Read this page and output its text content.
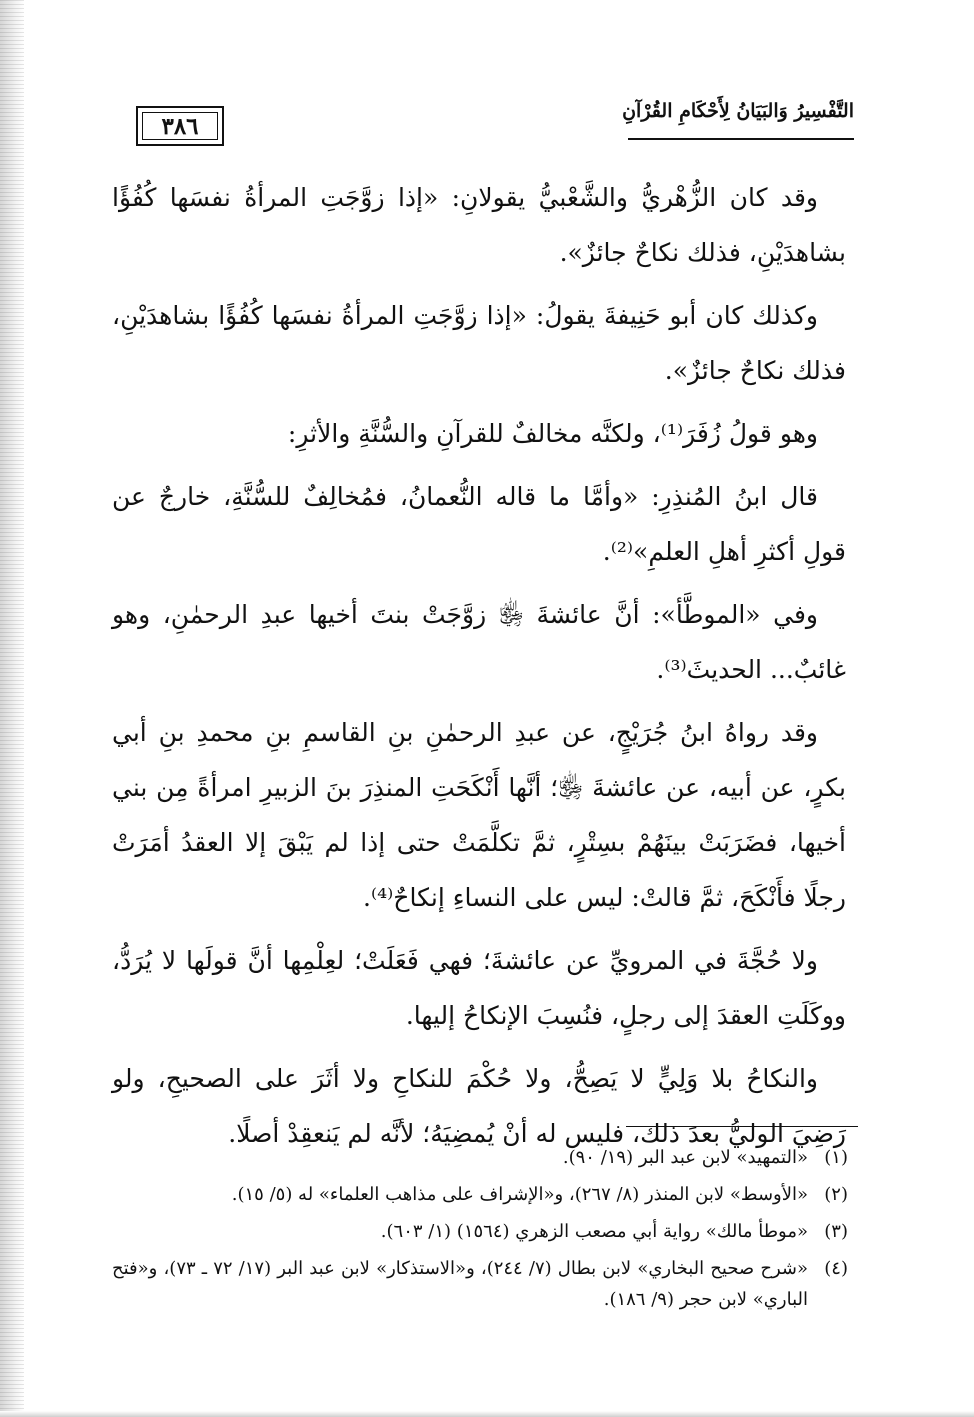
التَّفْسِيرُ وَالبَيَانُ لِأَحْكَامِ القُرْآنِ
٣٨٦

وقد كان الزُّهْريُّ والشَّعْبيُّ يقولانِ: «إذا زوَّجَتِ المرأةُ نفسَها كُفُؤًا بشاهدَيْنِ، فذلك نكاحٌ جائزٌ».

وكذلك كان أبو حَنِيفةَ يقولُ: «إذا زوَّجَتِ المرأةُ نفسَها كُفُؤًا بشاهدَيْنِ، فذلك نكاحٌ جائزٌ».

وهو قولُ زُفَرَ⁽¹⁾، ولكنَّه مخالفٌ للقرآنِ والسُّنَّةِ والأثرِ:

قال ابنُ المُنذِرِ: «وأمَّا ما قاله النُّعمانُ، فمُخالِفٌ للسُّنَّةِ، خارجٌ عن قولِ أكثرِ أهلِ العلمِ»⁽²⁾.

وفي «الموطَّأ»: أنَّ عائشةَ ﵂ زوَّجَتْ بنتَ أخيها عبدِ الرحمٰنِ، وهو غائبٌ... الحديثَ⁽³⁾.

وقد رواهُ ابنُ جُرَيْجٍ، عن عبدِ الرحمٰنِ بنِ القاسمِ بنِ محمدِ بنِ أبي بكرٍ، عن أبيه، عن عائشةَ ﵂؛ أنَّها أَنْكَحَتِ المنذِرَ بنَ الزبيرِ امرأةً مِن بني أخيها، فضَرَبَتْ بينَهُمْ بسِتْرٍ، ثمَّ تكلَّمَتْ حتى إذا لم يَبْقَ إلا العقدُ أمَرَتْ رجلًا فأَنْكَحَ، ثمَّ قالتْ: ليس على النساءِ إنكاحٌ⁽⁴⁾.

ولا حُجَّةَ في المرويِّ عن عائشةَ؛ فهي فَعَلَتْ؛ لعِلْمِها أنَّ قولَها لا يُرَدُّ، ووكَلَتِ العقدَ إلى رجلٍ، فنُسِبَ الإنكاحُ إليها.

والنكاحُ بلا وَلِيٍّ لا يَصِحُّ، ولا حُكْمَ للنكاحِ ولا أثَرَ على الصحيحِ، ولو رَضِيَ الوليُّ بعدَ ذلك، فليس له أنْ يُمضِيَهُ؛ لأنَّه لم يَنعقِدْ أصلًا.

(١)
«التمهيد» لابن عبد البر (١٩/ ٩٠).
(٢)
«الأوسط» لابن المنذر (٨/ ٢٦٧)، و«الإشراف على مذاهب العلماء» له (٥/ ١٥).
(٣)
«موطأ مالك» رواية أبي مصعب الزهري (١٥٦٤) (١/ ٦٠٣).
(٤)
«شرح صحيح البخاري» لابن بطال (٧/ ٢٤٤)، و«الاستذكار» لابن عبد البر (١٧/ ٧٢ ـ ٧٣)، و«فتح الباري» لابن حجر (٩/ ١٨٦).
